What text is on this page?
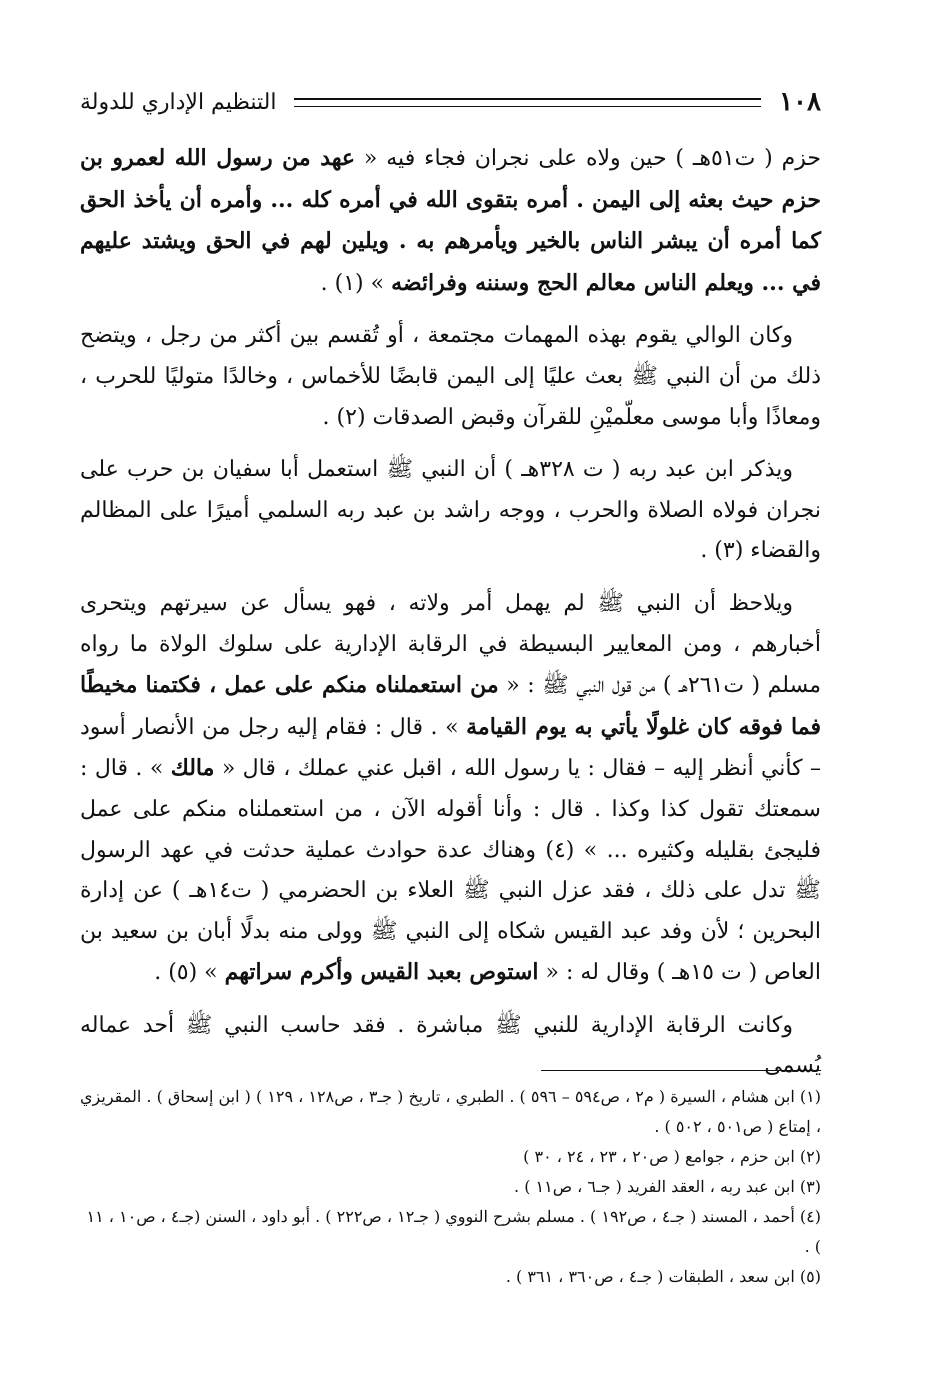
١٠٨
التنظيم الإداري للدولة

حزم ( ت٥١هـ ) حين ولاه على نجران فجاء فيه « عهد من رسول الله لعمرو بن حزم حيث بعثه إلى اليمن . أمره بتقوى الله في أمره كله ... وأمره أن يأخذ الحق كما أمره أن يبشر الناس بالخير ويأمرهم به . ويلين لهم في الحق ويشتد عليهم في ... ويعلم الناس معالم الحج وسننه وفرائضه » (١) .

وكان الوالي يقوم بهذه المهمات مجتمعة ، أو تُقسم بين أكثر من رجل ، ويتضح ذلك من أن النبي ﷺ بعث عليًا إلى اليمن قابضًا للأخماس ، وخالدًا متوليًا للحرب ، ومعاذًا وأبا موسى معلّميْنِ للقرآن وقبض الصدقات (٢) .

ويذكر ابن عبد ربه ( ت ٣٢٨هـ ) أن النبي ﷺ استعمل أبا سفيان بن حرب على نجران فولاه الصلاة والحرب ، ووجه راشد بن عبد ربه السلمي أميرًا على المظالم والقضاء (٣) .

ويلاحظ أن النبي ﷺ لم يهمل أمر ولاته ، فهو يسأل عن سيرتهم ويتحرى أخبارهم ، ومن المعايير البسيطة في الرقابة الإدارية على سلوك الولاة ما رواه مسلم ( ت٢٦١هـ ) من قول النبي ﷺ : « من استعملناه منكم على عمل ، فكتمنا مخيطًا فما فوقه كان غلولًا يأتي به يوم القيامة » . قال : فقام إليه رجل من الأنصار أسود – كأني أنظر إليه – فقال : يا رسول الله ، اقبل عني عملك ، قال « مالك » . قال : سمعتك تقول كذا وكذا . قال : وأنا أقوله الآن ، من استعملناه منكم على عمل فليجئ بقليله وكثيره ... » (٤) وهناك عدة حوادث عملية حدثت في عهد الرسول ﷺ تدل على ذلك ، فقد عزل النبي ﷺ العلاء بن الحضرمي ( ت١٤هـ ) عن إدارة البحرين ؛ لأن وفد عبد القيس شكاه إلى النبي ﷺ وولى منه بدلًا أبان بن سعيد بن العاص ( ت ١٥هـ ) وقال له : « استوص بعبد القيس وأكرم سراتهم » (٥) .

وكانت الرقابة الإدارية للنبي ﷺ مباشرة . فقد حاسب النبي ﷺ أحد عماله يُسمى

(١) ابن هشام ، السيرة ( م٢ ، ص٥٩٤ – ٥٩٦ ) . الطبري ، تاريخ ( جـ٣ ، ص١٢٨ ، ١٢٩ ) ( ابن إسحاق ) . المقريزي ، إمتاع ( ص٥٠١ ، ٥٠٢ ) .

(٢) ابن حزم ، جوامع ( ص٢٠ ، ٢٣ ، ٢٤ ، ٣٠ )

(٣) ابن عبد ربه ، العقد الفريد ( جـ٦ ، ص١١ ) .

(٤) أحمد ، المسند ( جـ٤ ، ص١٩٢ ) . مسلم بشرح النووي ( جـ١٢ ، ص٢٢٢ ) . أبو داود ، السنن (جـ٤ ، ص١٠ ، ١١ ) .

(٥) ابن سعد ، الطبقات ( جـ٤ ، ص٣٦٠ ، ٣٦١ ) .
